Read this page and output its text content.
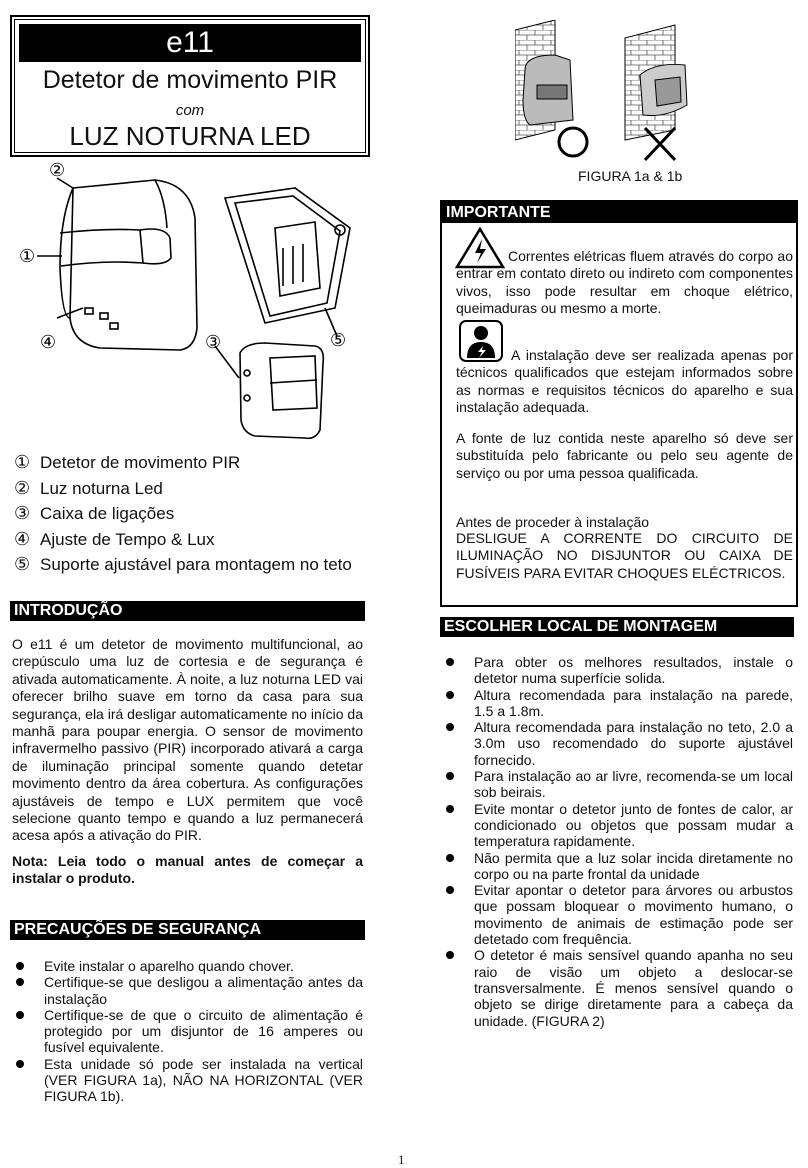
e11
Detetor de movimento PIR
com
LUZ NOTURNA LED
②
①
④	③	⑤
① Detetor de movimento PIR
② Luz noturna Led
③ Caixa de ligações
④ Ajuste de Tempo & Lux
⑤ Suporte ajustável para montagem no teto
INTRODUÇÃO
O e11 é um detetor de movimento multifuncional, ao crepúsculo uma luz de cortesia e de segurança é ativada automaticamente. À noite, a luz noturna LED vai oferecer brilho suave em torno da casa para sua segurança, ela irá desligar automaticamente no início da manhã para poupar energia. O sensor de movimento infravermelho passivo (PIR) incorporado ativará a carga de iluminação principal somente quando detetar movimento dentro da área cobertura. As configurações ajustáveis de tempo e LUX permitem que você selecione quanto tempo e quando a luz permanecerá acesa após a ativação do PIR.
Nota: Leia todo o manual antes de começar a instalar o produto.
PRECAUÇÕES DE SEGURANÇA
Evite instalar o aparelho quando chover.
Certifique-se que desligou a alimentação antes da instalação
Certifique-se de que o circuito de alimentação é protegido por um disjuntor de 16 amperes ou fusível equivalente.
Esta unidade só pode ser instalada na vertical (VER FIGURA 1a), NÃO NA HORIZONTAL (VER FIGURA 1b).
FIGURA 1a & 1b
IMPORTANTE
Correntes elétricas fluem através do corpo ao entrar em contato direto ou indireto com componentes vivos, isso pode resultar em choque elétrico, queimaduras ou mesmo a morte.
A instalação deve ser realizada apenas por técnicos qualificados que estejam informados sobre as normas e requisitos técnicos do aparelho e sua instalação adequada.
A fonte de luz contida neste aparelho só deve ser substituída pelo fabricante ou pelo seu agente de serviço ou por uma pessoa qualificada.
Antes de proceder à instalação
DESLIGUE A CORRENTE DO CIRCUITO DE ILUMINAÇÃO NO DISJUNTOR OU CAIXA DE FUSÍVEIS PARA EVITAR CHOQUES ELÉCTRICOS.
ESCOLHER LOCAL DE MONTAGEM
Para obter os melhores resultados, instale o detetor numa superfície solida.
Altura recomendada para instalação na parede, 1.5 a 1.8m.
Altura recomendada para instalação no teto, 2.0 a 3.0m uso recomendado do suporte ajustável fornecido.
Para instalação ao ar livre, recomenda-se um local sob beirais.
Evite montar o detetor junto de fontes de calor, ar condicionado ou objetos que possam mudar a temperatura rapidamente.
Não permita que a luz solar incida diretamente no corpo ou na parte frontal da unidade
Evitar apontar o detetor para árvores ou arbustos que possam bloquear o movimento humano, o movimento de animais de estimação pode ser detetado com frequência.
O detetor é mais sensível quando apanha no seu raio de visão um objeto a deslocar-se transversalmente. É menos sensível quando o objeto se dirige diretamente para a cabeça da unidade. (FIGURA 2)
1
